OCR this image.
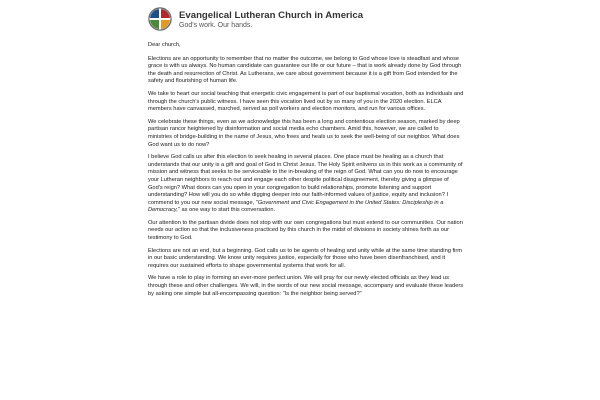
Evangelical Lutheran Church in America
God's work. Our hands.

Dear church,

Elections are an opportunity to remember that no matter the outcome, we belong to God whose love is steadfast and whose grace is with us always. No human candidate can guarantee our life or our future – that is work already done by God through the death and resurrection of Christ. As Lutherans, we care about government because it is a gift from God intended for the safety and flourishing of human life.

We take to heart our social teaching that energetic civic engagement is part of our baptismal vocation, both as individuals and through the church's public witness. I have seen this vocation lived out by so many of you in the 2020 election. ELCA members have canvassed, marched, served as poll workers and election monitors, and run for various offices.

We celebrate these things, even as we acknowledge this has been a long and contentious election season, marked by deep partisan rancor heightened by disinformation and social media echo chambers. Amid this, however, we are called to ministries of bridge-building in the name of Jesus, who frees and heals us to seek the well-being of our neighbor. What does God want us to do now?

I believe God calls us after this election to seek healing in several places. One place must be healing as a church that understands that our unity is a gift and goal of God in Christ Jesus. The Holy Spirit enlivens us in this work as a community of mission and witness that seeks to be serviceable to the in-breaking of the reign of God. What can you do now to encourage your Lutheran neighbors to reach out and engage each other despite political disagreement, thereby giving a glimpse of God's reign? What doors can you open in your congregation to build relationships, promote listening and support understanding? How will you do so while digging deeper into our faith-informed values of justice, equity and inclusion? I commend to you our new social message, "Government and Civic Engagement in the United States: Discipleship in a Democracy," as one way to start this conversation.

Our attention to the partisan divide does not stop with our own congregations but must extend to our communities. Our nation needs our action so that the inclusiveness practiced by this church in the midst of divisions in society shines forth as our testimony to God.

Elections are not an end, but a beginning. God calls us to be agents of healing and unity while at the same time standing firm in our basic understanding. We know unity requires justice, especially for those who have been disenfranchised, and it requires our sustained efforts to shape governmental systems that work for all.

We have a role to play in forming an ever-more perfect union. We will pray for our newly elected officials as they lead us through these and other challenges. We will, in the words of our new social message, accompany and evaluate these leaders by asking one simple but all-encompassing question: "Is the neighbor being served?"
